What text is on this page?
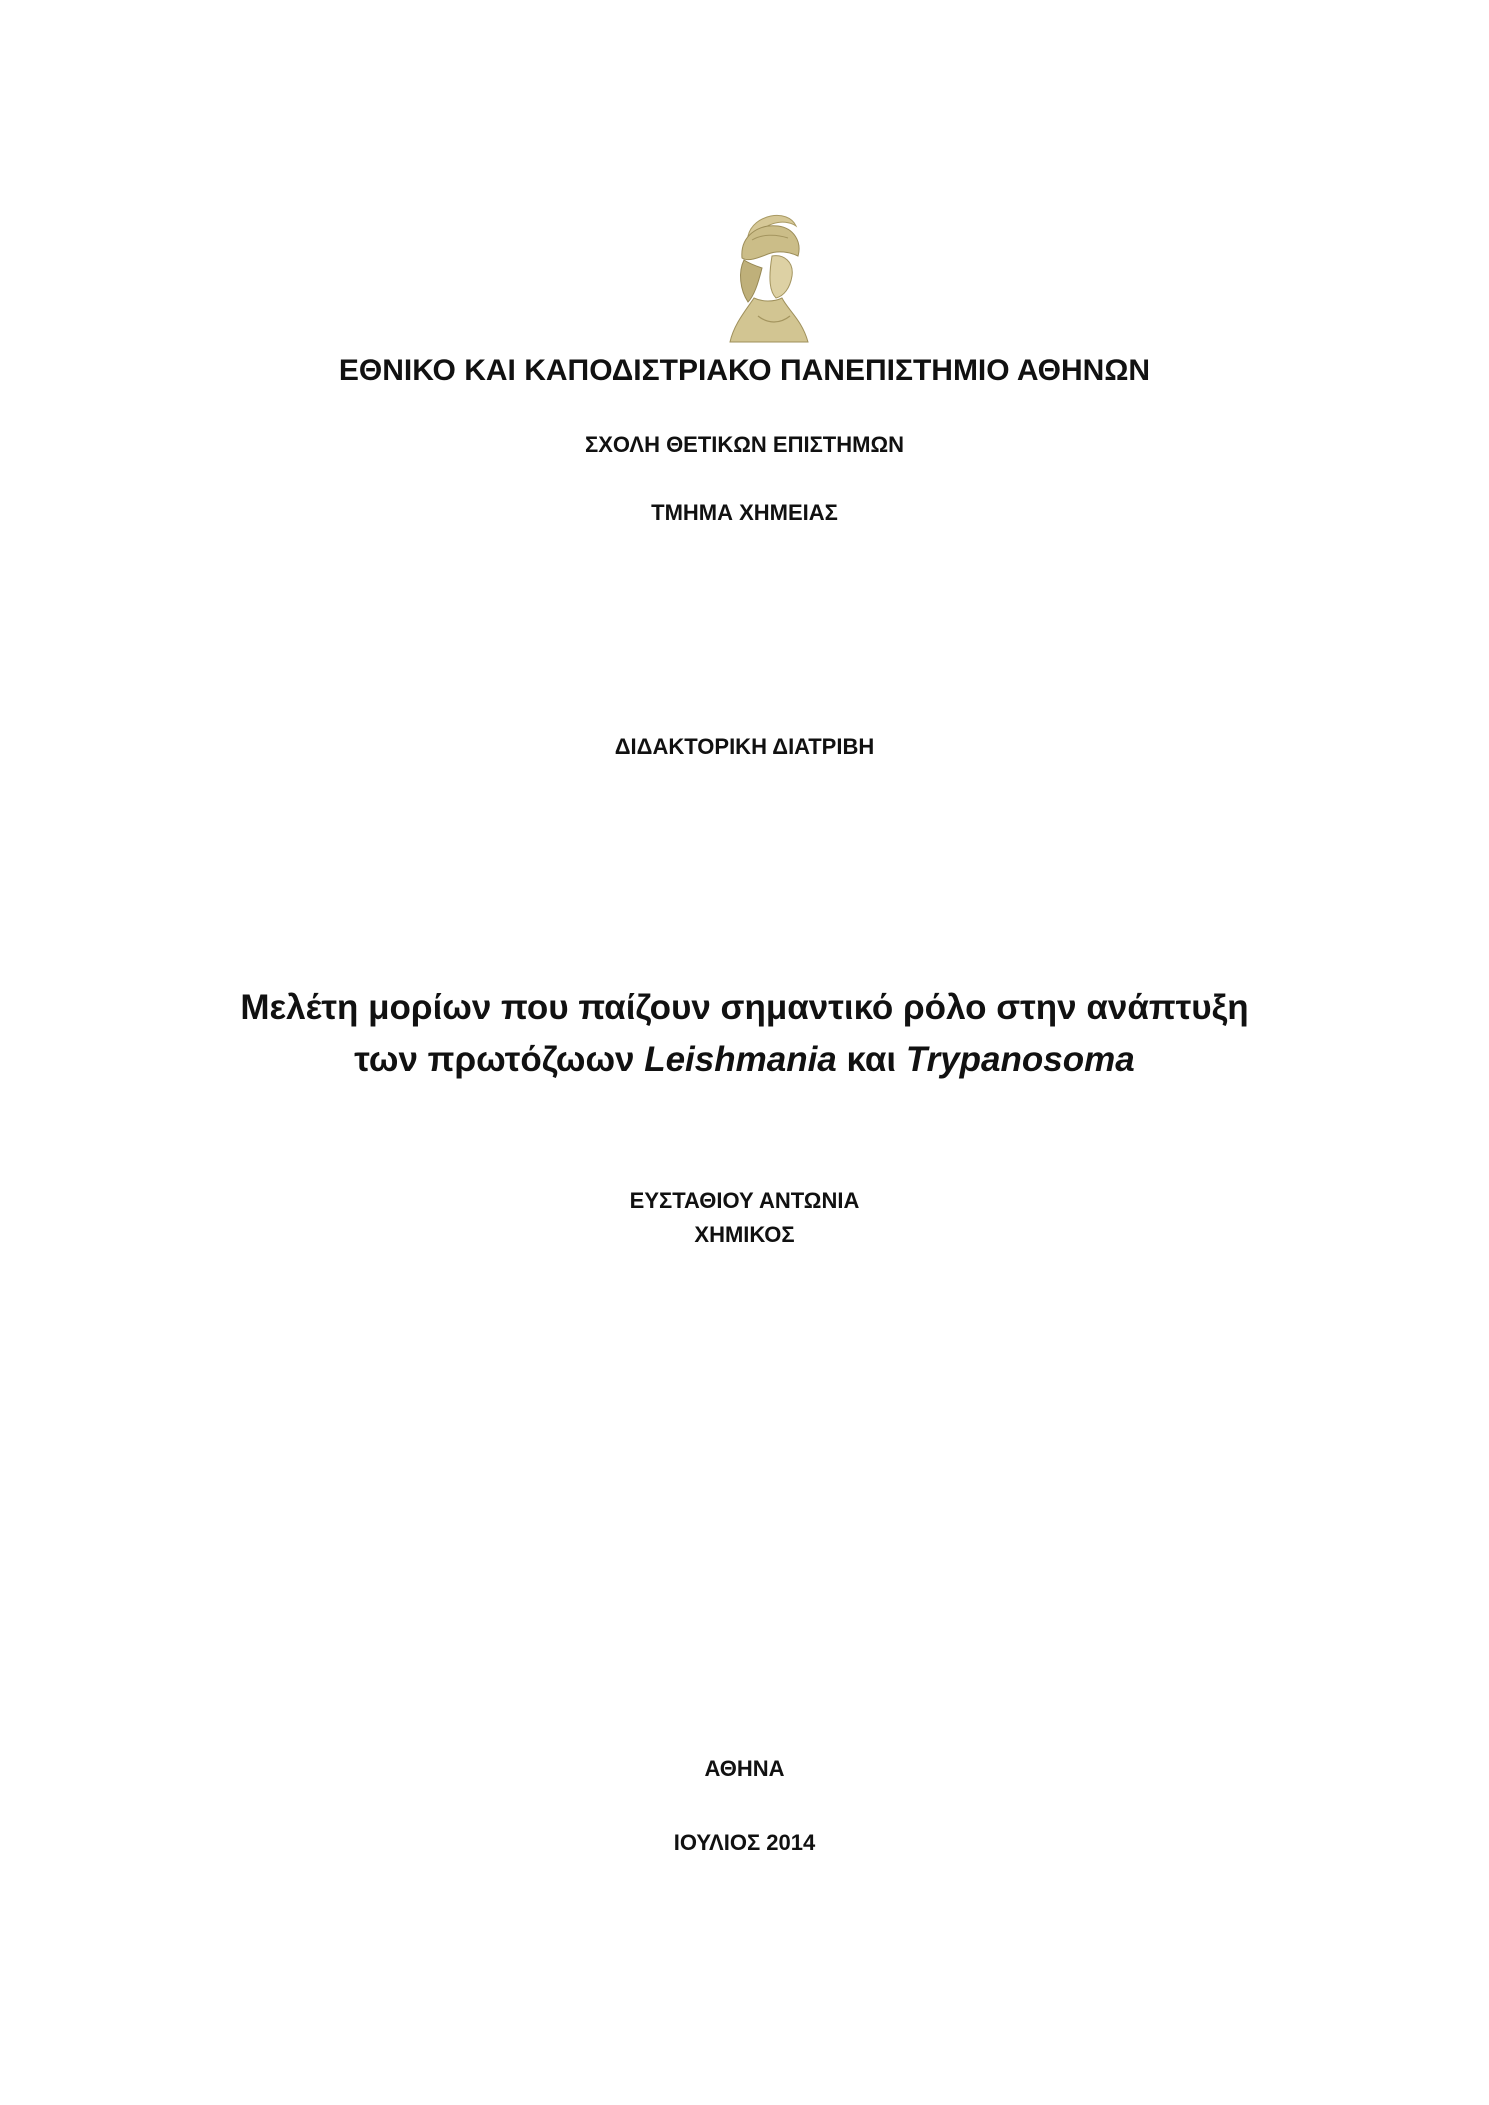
ΕΘΝΙΚΟ ΚΑΙ ΚΑΠΟΔΙΣΤΡΙΑΚΟ ΠΑΝΕΠΙΣΤΗΜΙΟ ΑΘΗΝΩΝ
ΣΧΟΛΗ ΘΕΤΙΚΩΝ ΕΠΙΣΤΗΜΩΝ
ΤΜΗΜΑ ΧΗΜΕΙΑΣ
ΔΙΔΑΚΤΟΡΙΚΗ ΔΙΑΤΡΙΒΗ
Μελέτη μορίων που παίζουν σημαντικό ρόλο στην ανάπτυξη
των πρωτόζωων Leishmania και Trypanosoma
ΕΥΣΤΑΘΙΟΥ ΑΝΤΩΝΙΑ
ΧΗΜΙΚΟΣ
ΑΘΗΝΑ
ΙΟΥΛΙΟΣ 2014
